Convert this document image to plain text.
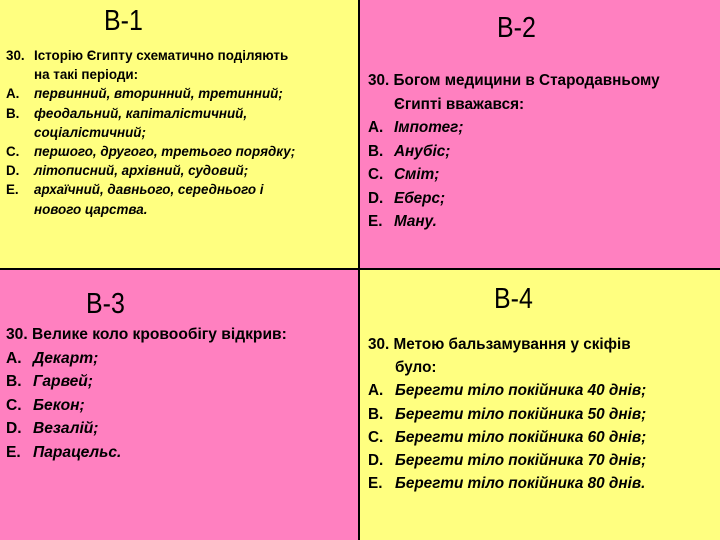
В-1
30. Історію Єгипту схематично поділяють
на такі періоди:
A.	первинний, вторинний, третинний;
B.	феодальний, капіталістичний,
соціалістичний;
C.	першого, другого, третього порядку;
D.	літописний, архівний, судовий;
E.	архаїчний, давнього, середнього і
нового царства.
В-2
30. Богом медицини в Стародавньому
Єгипті вважався:
A. Імпотег;
B. Анубіс;
C. Сміт;
D. Еберс;
E. Ману.
В-3
30. Велике коло кровообігу відкрив:
A. Декарт;
B. Гарвей;
C. Бекон;
D. Везалій;
E. Парацельс.
В-4
30. Метою бальзамування у скіфів
було:
A. Берегти тіло покійника 40 днів;
B. Берегти тіло покійника 50 днів;
C. Берегти тіло покійника 60 днів;
D. Берегти тіло покійника 70 днів;
E. Берегти тіло покійника 80 днів.
